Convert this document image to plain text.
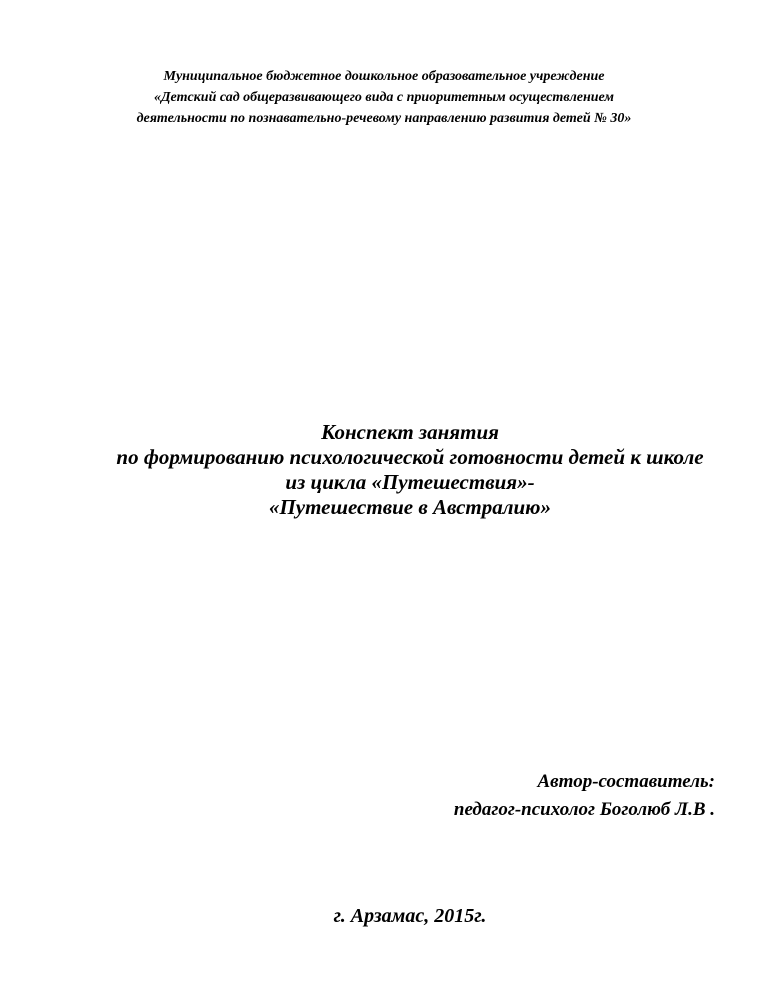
Муниципальное бюджетное дошкольное образовательное учреждение
«Детский сад общеразвивающего вида с приоритетным осуществлением
деятельности по познавательно-речевому направлению развития детей № 30»
Конспект занятия
по формированию психологической готовности детей к школе
из цикла «Путешествия»-
«Путешествие в Австралию»
Автор-составитель:
педагог-психолог Боголюб Л.В .
г. Арзамас, 2015г.
